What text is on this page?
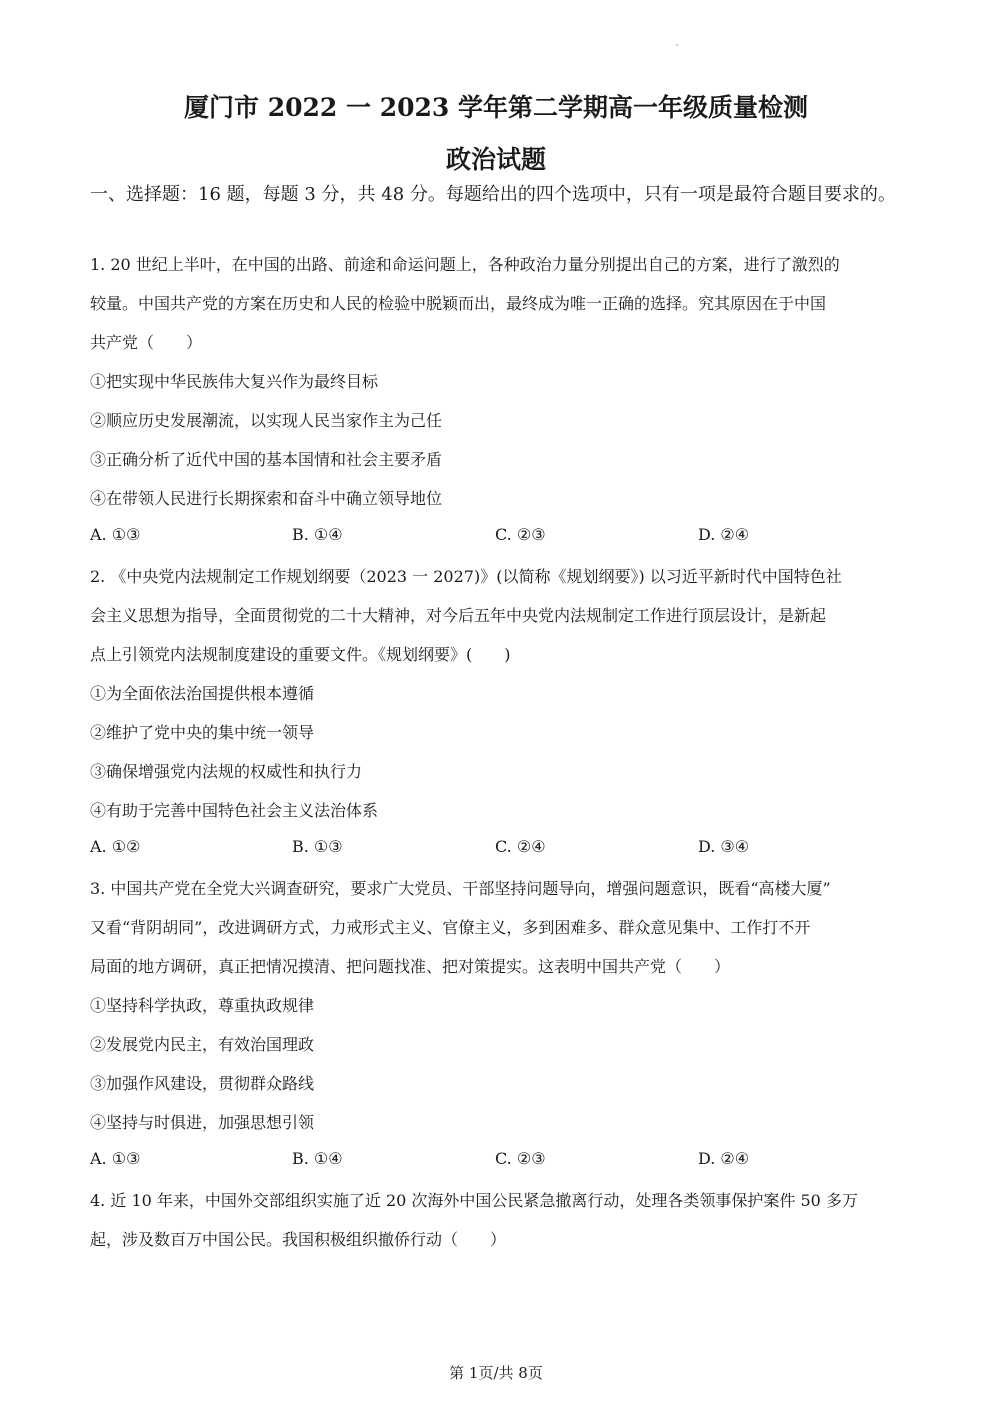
厦门市 2022 一 2023 学年第二学期高一年级质量检测
政治试题
一、选择题：16 题，每题 3 分，共 48 分。每题给出的四个选项中，只有一项是最符合题目要求的。
1. 20 世纪上半叶，在中国的出路、前途和命运问题上，各种政治力量分别提出自己的方案，进行了激烈的
较量。中国共产党的方案在历史和人民的检验中脱颖而出，最终成为唯一正确的选择。究其原因在于中国
共产党（　　）
①把实现中华民族伟大复兴作为最终目标
②顺应历史发展潮流，以实现人民当家作主为己任
③正确分析了近代中国的基本国情和社会主要矛盾
④在带领人民进行长期探索和奋斗中确立领导地位
A. ①③	B. ①④	C. ②③	D. ②④
2. 《中央党内法规制定工作规划纲要（2023 一 2027)》(以简称《规划纲要》) 以习近平新时代中国特色社
会主义思想为指导，全面贯彻党的二十大精神，对今后五年中央党内法规制定工作进行顶层设计，是新起
点上引领党内法规制度建设的重要文件。《规划纲要》(　　)
①为全面依法治国提供根本遵循
②维护了党中央的集中统一领导
③确保增强党内法规的权威性和执行力
④有助于完善中国特色社会主义法治体系
A. ①②	B. ①③	C. ②④	D. ③④
3. 中国共产党在全党大兴调查研究，要求广大党员、干部坚持问题导向，增强问题意识，既看“高楼大厦”
又看“背阴胡同”，改进调研方式，力戒形式主义、官僚主义，多到困难多、群众意见集中、工作打不开
局面的地方调研，真正把情况摸清、把问题找准、把对策提实。这表明中国共产党（　　）
①坚持科学执政，尊重执政规律
②发展党内民主，有效治国理政
③加强作风建设，贯彻群众路线
④坚持与时俱进，加强思想引领
A. ①③	B. ①④	C. ②③	D. ②④
4. 近 10 年来，中国外交部组织实施了近 20 次海外中国公民紧急撤离行动，处理各类领事保护案件 50 多万
起，涉及数百万中国公民。我国积极组织撤侨行动（　　）
第 1页/共 8页
